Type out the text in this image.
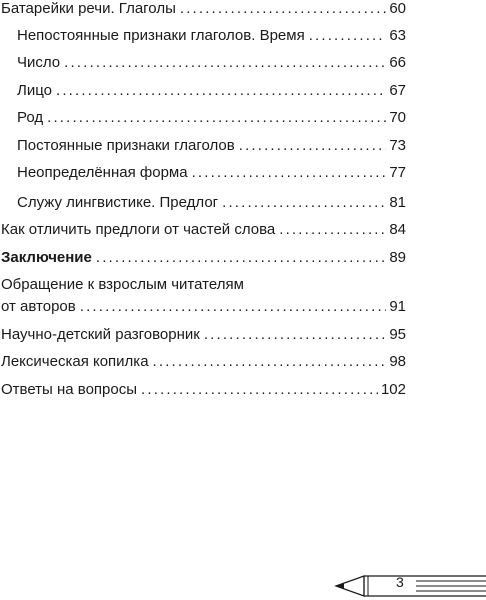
Батарейки речи. Глаголы . . .	60
Непостоянные признаки глаголов. Время . . .	63
Число . . .	66
Лицо . . .	67
Род . . .	70
Постоянные признаки глаголов . . .	73
Неопределённая форма . . .	77
Служу лингвистике. Предлог . . .	81
Как отличить предлоги от частей слова . . .	84
Заключение . . .	89
Обращение к взрослым читателям
от авторов . . .	91
Научно-детский разговорник . . .	95
Лексическая копилка . . .	98
Ответы на вопросы . . .	102
3
